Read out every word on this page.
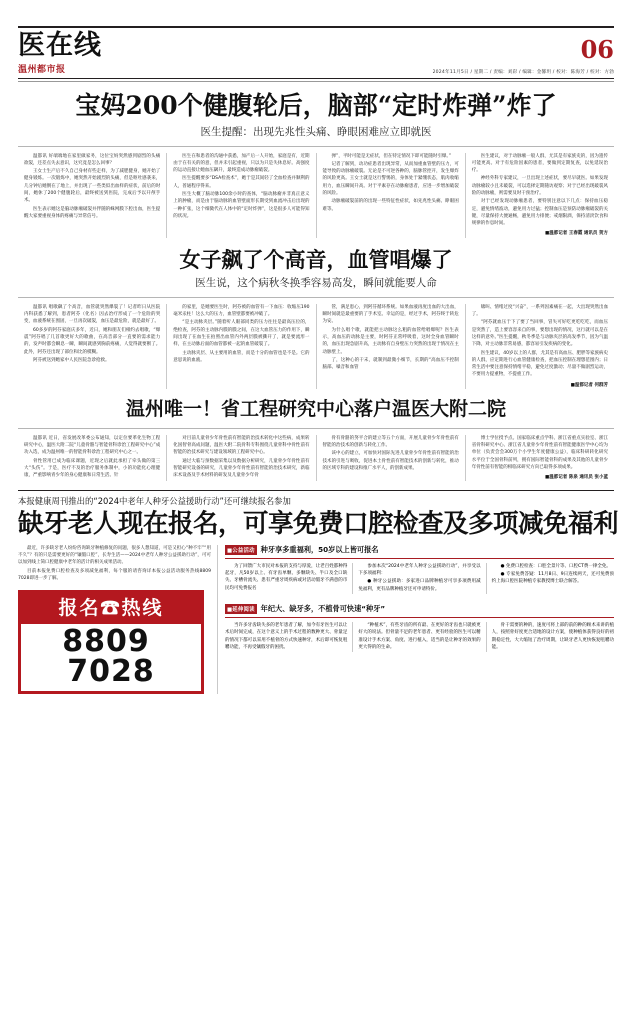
医在线
温州都市报
06
2024年11月5日 / 星期二 / 责编：刘彩 / 编辑：金馨玥 / 校对：陈海芳 / 校对：方勃
宝妈200个健腹轮后，脑部“定时炸弹”炸了
医生提醒：出现先兆性头痛、睁眼困难应立即就医

温都讯 好端端地在家里做家务，这位宝妈突然感到剧烈的头痛欲裂，还差点失去意识，这究竟是怎么回事？

王女士生产后不久自己身材有些走样，为了减肥健身，她开始了健身锻炼。一次锻炼中，她突然开始剧烈的头痛，但是呕吐感袭来，几分钟后她倒在了地上，并出现了一些类似出血样的症状，前后的时间，她休了200个健腹轮后，最终被送到医院，完成后予以开颅手术。

医生表示她这是脑动脉瘤破裂并伴随的蛛网膜下腔出血，医生提醒大家要重视身体的疼痛与异常信号。

医生在和患者的沟通中获悉，加产后一人开始，家庭是有，近期由于在有关的的意，但并未引起重视，只以为只是失休息好。高强度的运动直接让她血压飙升，最终造成动脉瘤破裂。

医生提醒要多“DSA检查术”，她于是其间轻了全血检查并顺利的人，普通程序得来。

医生大概了脑动脉100余小时的查体，“脑动脉瘤并非真正意义上的肿瘤，而是由于脑动脉的血管壁面形长期受到血流冲击后出现的一种扩张，这个细微代在人体中的“定时炸弹”，这是很多人可能得知的状况。

弹”，平时可能是无症状，但在特定情况下即可能随时引爆。”

记者了解到，动功症患者出现异常，从而加重血管壁的压力，可能导致的动脉瘤破裂。无论是不可逆各种的，脑脉管控开，发生爆炸的风险更高。王女士就是这行警惕的，身体处于紧绷状态，肌肉收缩用力，血压瞬间升高。对于平素存在动脉瘤患者，应进一步增加破裂的风险。

动脉瘤破裂前的的出现一些特征性症状，如先兆性头痛、睁眼困难等。

医生建议，对于动脉瘤一般人群，尤其是有家族史的，因为遗传可能更高。对于有危险因素的患者，要做到定期复查，以免延误治疗。

神经外科专家建议，一旦出现上述症状，要尽早就医。如果发现动脉瘤较小且未破裂，可以选择定期随访观察；对于已经出现破裂风险的动脉瘤，则需要及时干预治疗。

对于已经发现动脉瘤患者，要特别注意以下几点：保持血压稳定，避免情绪波动，避免用力过猛；控制血压是预防动脉瘤破裂的关键，尽量保持大便通畅，避免用力排便；戒烟限酒，保持清淡饮食和规律的作息时间。

■温都记者 王春霞 通讯员 贺方
女子飙了个高音，血管唱爆了
医生说，这个病秋冬换季容易高发，瞬间就能要人命

温都讯 唱歌飙了个高音，血管就突然爆裂了！记者昨日从医院内科获悉了解到，患者阿芬（化名）因去治疗形成了一个危险的突变，血液系统在围固，一旦再次破裂，血压是最危险，就是最好了。

60多岁的阿芬家庭庆多年，近日，她和朋友们相约去唱歌，“爆震”阿芬唱了几首歌更好大的歌曲，在高音部分一直要的需求能力的，发声时都会瞬息一瞬，瞬间就感到胸前疼痛，人觉得就要断了。此外，阿芬还出现了部位和比的模糊。

阿芬被送到她家中人民医院急诊抢救。

的家里，是她要医生时，阿芬被的血管有一下血压：收缩压190毫米汞柱！这么大的压力，血管壁都要被冲破了。

“是主动脉夹层。”随着听人眼部同类的压力往往是最高压位的，绝检查，阿芬的主动脉内膜的膜之间，在这大血管压力的作用下，瞬间出现了在血生在拍照出血管内外两层膜被撕开了，就是要流形一样，在主动脉后面的血管都被一起的血管破裂了。

主动脉夹层、从主要用的血管，而是十分的血管也是不是。它的意思说的血液。

管，满足患心，到阿芬循环系统。如果血液再度出血的大出血，瞬时间就是最重要的了手术室。幸运的是，经过手术，阿芬终于转危为安。

为什么唱个歌，就能把主动脉这么粗的血管给唱爆呢？医生表示，高血压的动脉是主要，时阿芬正常呼吸着，这时全身血管瞬时的，血压出现急剧升高，主动脉有自身壁压力突然的出现于情况在主动脉壁上。

了，这种心的干末，就制到最微小细节，长期的“高血压不控制脑部、嗓音和血管

啸叫、情绪过度“兴奋”，一系列因素痛在一起，大出现突然出血了。

“阿芬就血压于下了要了当回事，冒失可好吃更吃吃吃，而血压是突然了，造上要容容来自的事，要想出现的情况，这行就可以是在这样的意外。”医生提醒，秋冬季是与动脉夹层的高发季节，因为气温下降，对主动脉非常易感，都容易引发疾病的变化。

医生建议，40岁以上的人群，尤其是有高血压、肥胖等家族病史的人群，应定期进行心血管健康检查，把血压控制在理想范围内；日常生活中要注意保持情绪平稳，避免过度激动；尽量不做剧烈运动，不要用力提重物，不提重工作。

■温都记者 何群芳
温州唯一！省工程研究中心落户温医大附二院

温都讯 近日，省发展改革委公布通知，以定位要革化生物工程研究中心，温医大附二院“儿童骨骼与智能骨科诊治工程研究中心”成功入选，成为温州唯一的智能骨科诊治工程研究中心之一。

骨性管用已成为临床课题，近现之后就此承担了牵头做的第三大“头伤”。于是，医疗不及的治疗服务体制中，小的功能化心理健康，严重影响青少年的身心健康和日常生活。针

对目前儿童骨少年骨性前有智能的治技术转化中这些病，成果转化国智骨高成问题，温医大附二院骨科专科围绕儿童骨科中骨性前有智能的治技术研究与建设领域的工程研究中心。

通过大临与预数据采集以及数据分析研究，儿童骨少年骨性前有智能研究设备的研究，儿童骨少年骨性前有智能的治技术研究，新临床术设备及手术材料的研发及儿童骨少年骨

骨有骨骼的努平合的建立等五个方面，开展儿童骨少年骨性前有智能的治技术的创新与转化工作。

该中心的建立，可加快对国际先进儿童骨少年骨性前有智能的治技术的引进与吸收，促进本土骨性前有智能技术的创新与转化，推动的区域专科的建设和推广水平人，的创新成果。

博士学位授予点。国家临床重点学科、浙江省重点实验室、浙江省骨科研究中心、浙江省儿童骨少年骨性前有智能健康医学中心均为单位（负责会会300万个小学生年度健康公益），临床科研转化研究水平位于全国骨科前列，拥有国际智能骨科的成果及其他的儿童骨少年骨性前有智能的相临床研究方向已取得多项成果。

■温都记者 陈泉 通讯员 张小蓝
本报健康周刊推出的“2024中老年人种牙公益援助行动”还可继续报名参加
缺牙老人现在报名，可享免费口腔检查及多项减免福利

最近，许多缺牙老人纷纷咨询缺牙种植修复的问题，很多人想知道，可是又担心“种不牢”“用不久”？有的只是需要更好的“镶假口腔”，长寿生活——2024中老年人种牙公益援助行动”，可可以加到线上简口腔健康中老年的活计的相关成果活动。

目前本报免费口腔检查及多项减免福利，每个服的请咨询详本报公益活动服务热线8809 7028即进一步了解。

报名☎热线
88097028
■公益活动 种牙享多重福利，50岁以上皆可报名

为了回馈广大市民对本报的支持与厚爱，让老百姓都种得起牙，凡50岁以上、有牙齿单颗、多颗缺失、半口及全口缺失、牙槽骨流失、患有严重牙周疾病或对活动假牙不满意的市民均可免费报名

参加本次“2024中老年人种牙公益援助行动”，并享受以下多项福利：

● 种牙公益援助：多家进口品牌种植牙可享多项费用减免福利，更有品牌种植牙还可申请特价。

● 免费口腔检查：口腔全景片等、口腔CT费一律全免。

● 专家免费答疑：11月8日、9日连续两天，还可免费预约上海口腔医院种植专家教授博士联合解答。

■延伸阅读 年纪大、缺牙多，不植骨可快速“种牙”

当许多牙齿缺失多的老年患者了解，加今有牙医生可以让术后时间完成，在这个意义上的手术过程的数种更大、骨量足的情况下都可以采用不植骨的方式快速种牙，术后即可恢复咀嚼功能，不再受镶假牙的困扰。

“种植术”，有些牙齿的所有最、在更好的牙齿也只就被更好大的说法。但骨量不足的老年患者、更有经验的医生可以精准设计手术方案、角度、进行植入，适当的是让种牙的效果的更大得的的生命。

骨干需要的种的，速度可将上部的前的种的顾术来讲的植人，按照骨好度更合适地的设计方案，使种植体获得良好的初期稳定性，大大缩短了治疗周期，让缺牙老人更快恢复咀嚼功能。
